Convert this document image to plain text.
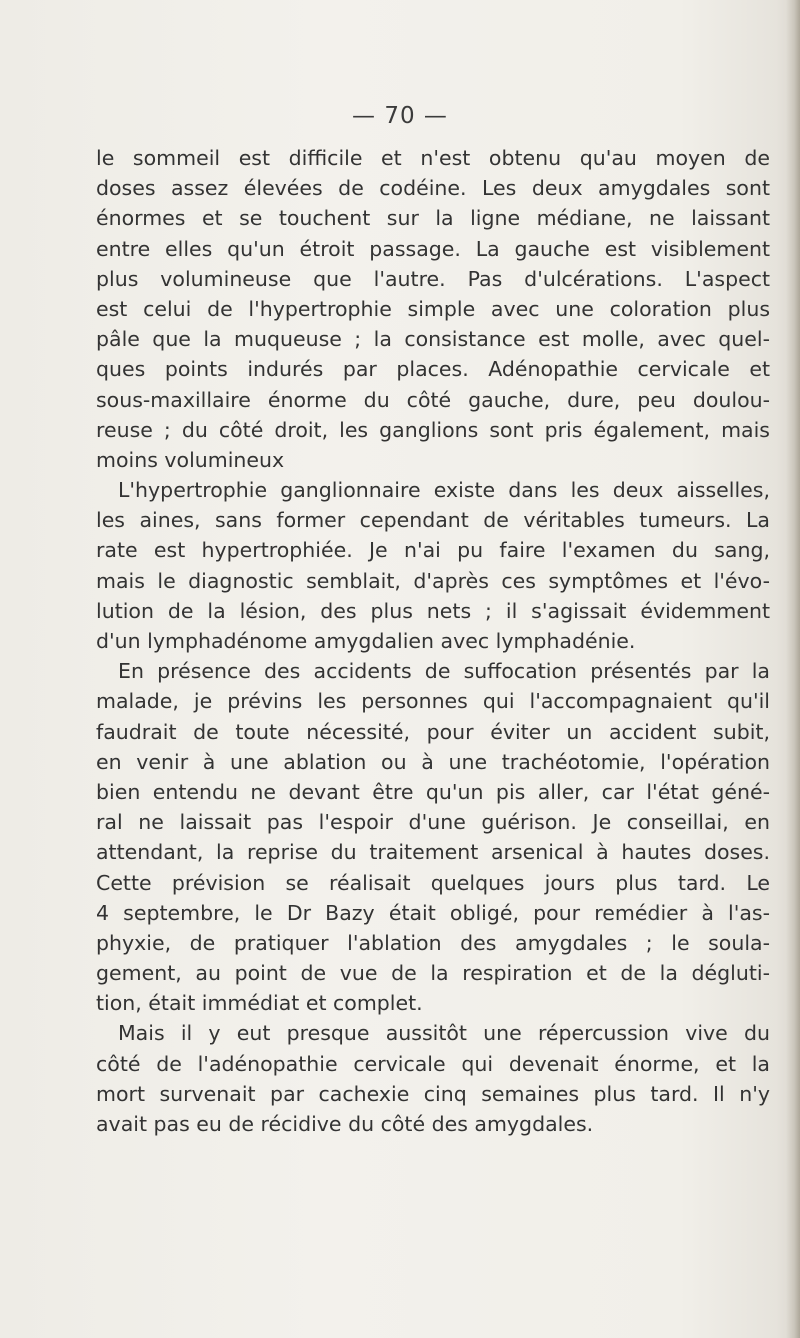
— 70 —
le sommeil est difficile et n'est obtenu qu'au moyen de
doses assez élevées de codéine. Les deux amygdales sont
énormes et se touchent sur la ligne médiane, ne laissant
entre elles qu'un étroit passage. La gauche est visiblement
plus volumineuse que l'autre. Pas d'ulcérations. L'aspect
est celui de l'hypertrophie simple avec une coloration plus
pâle que la muqueuse ; la consistance est molle, avec quel-
ques points indurés par places. Adénopathie cervicale et
sous-maxillaire énorme du côté gauche, dure, peu doulou-
reuse ; du côté droit, les ganglions sont pris également, mais
moins volumineux
L'hypertrophie ganglionnaire existe dans les deux aisselles,
les aines, sans former cependant de véritables tumeurs. La
rate est hypertrophiée. Je n'ai pu faire l'examen du sang,
mais le diagnostic semblait, d'après ces symptômes et l'évo-
lution de la lésion, des plus nets ; il s'agissait évidemment
d'un lymphadénome amygdalien avec lymphadénie.
En présence des accidents de suffocation présentés par la
malade, je prévins les personnes qui l'accompagnaient qu'il
faudrait de toute nécessité, pour éviter un accident subit,
en venir à une ablation ou à une trachéotomie, l'opération
bien entendu ne devant être qu'un pis aller, car l'état géné-
ral ne laissait pas l'espoir d'une guérison. Je conseillai, en
attendant, la reprise du traitement arsenical à hautes doses.
Cette prévision se réalisait quelques jours plus tard. Le
4 septembre, le Dr Bazy était obligé, pour remédier à l'as-
phyxie, de pratiquer l'ablation des amygdales ; le soula-
gement, au point de vue de la respiration et de la dégluti-
tion, était immédiat et complet.
Mais il y eut presque aussitôt une répercussion vive du
côté de l'adénopathie cervicale qui devenait énorme, et la
mort survenait par cachexie cinq semaines plus tard. Il n'y
avait pas eu de récidive du côté des amygdales.
